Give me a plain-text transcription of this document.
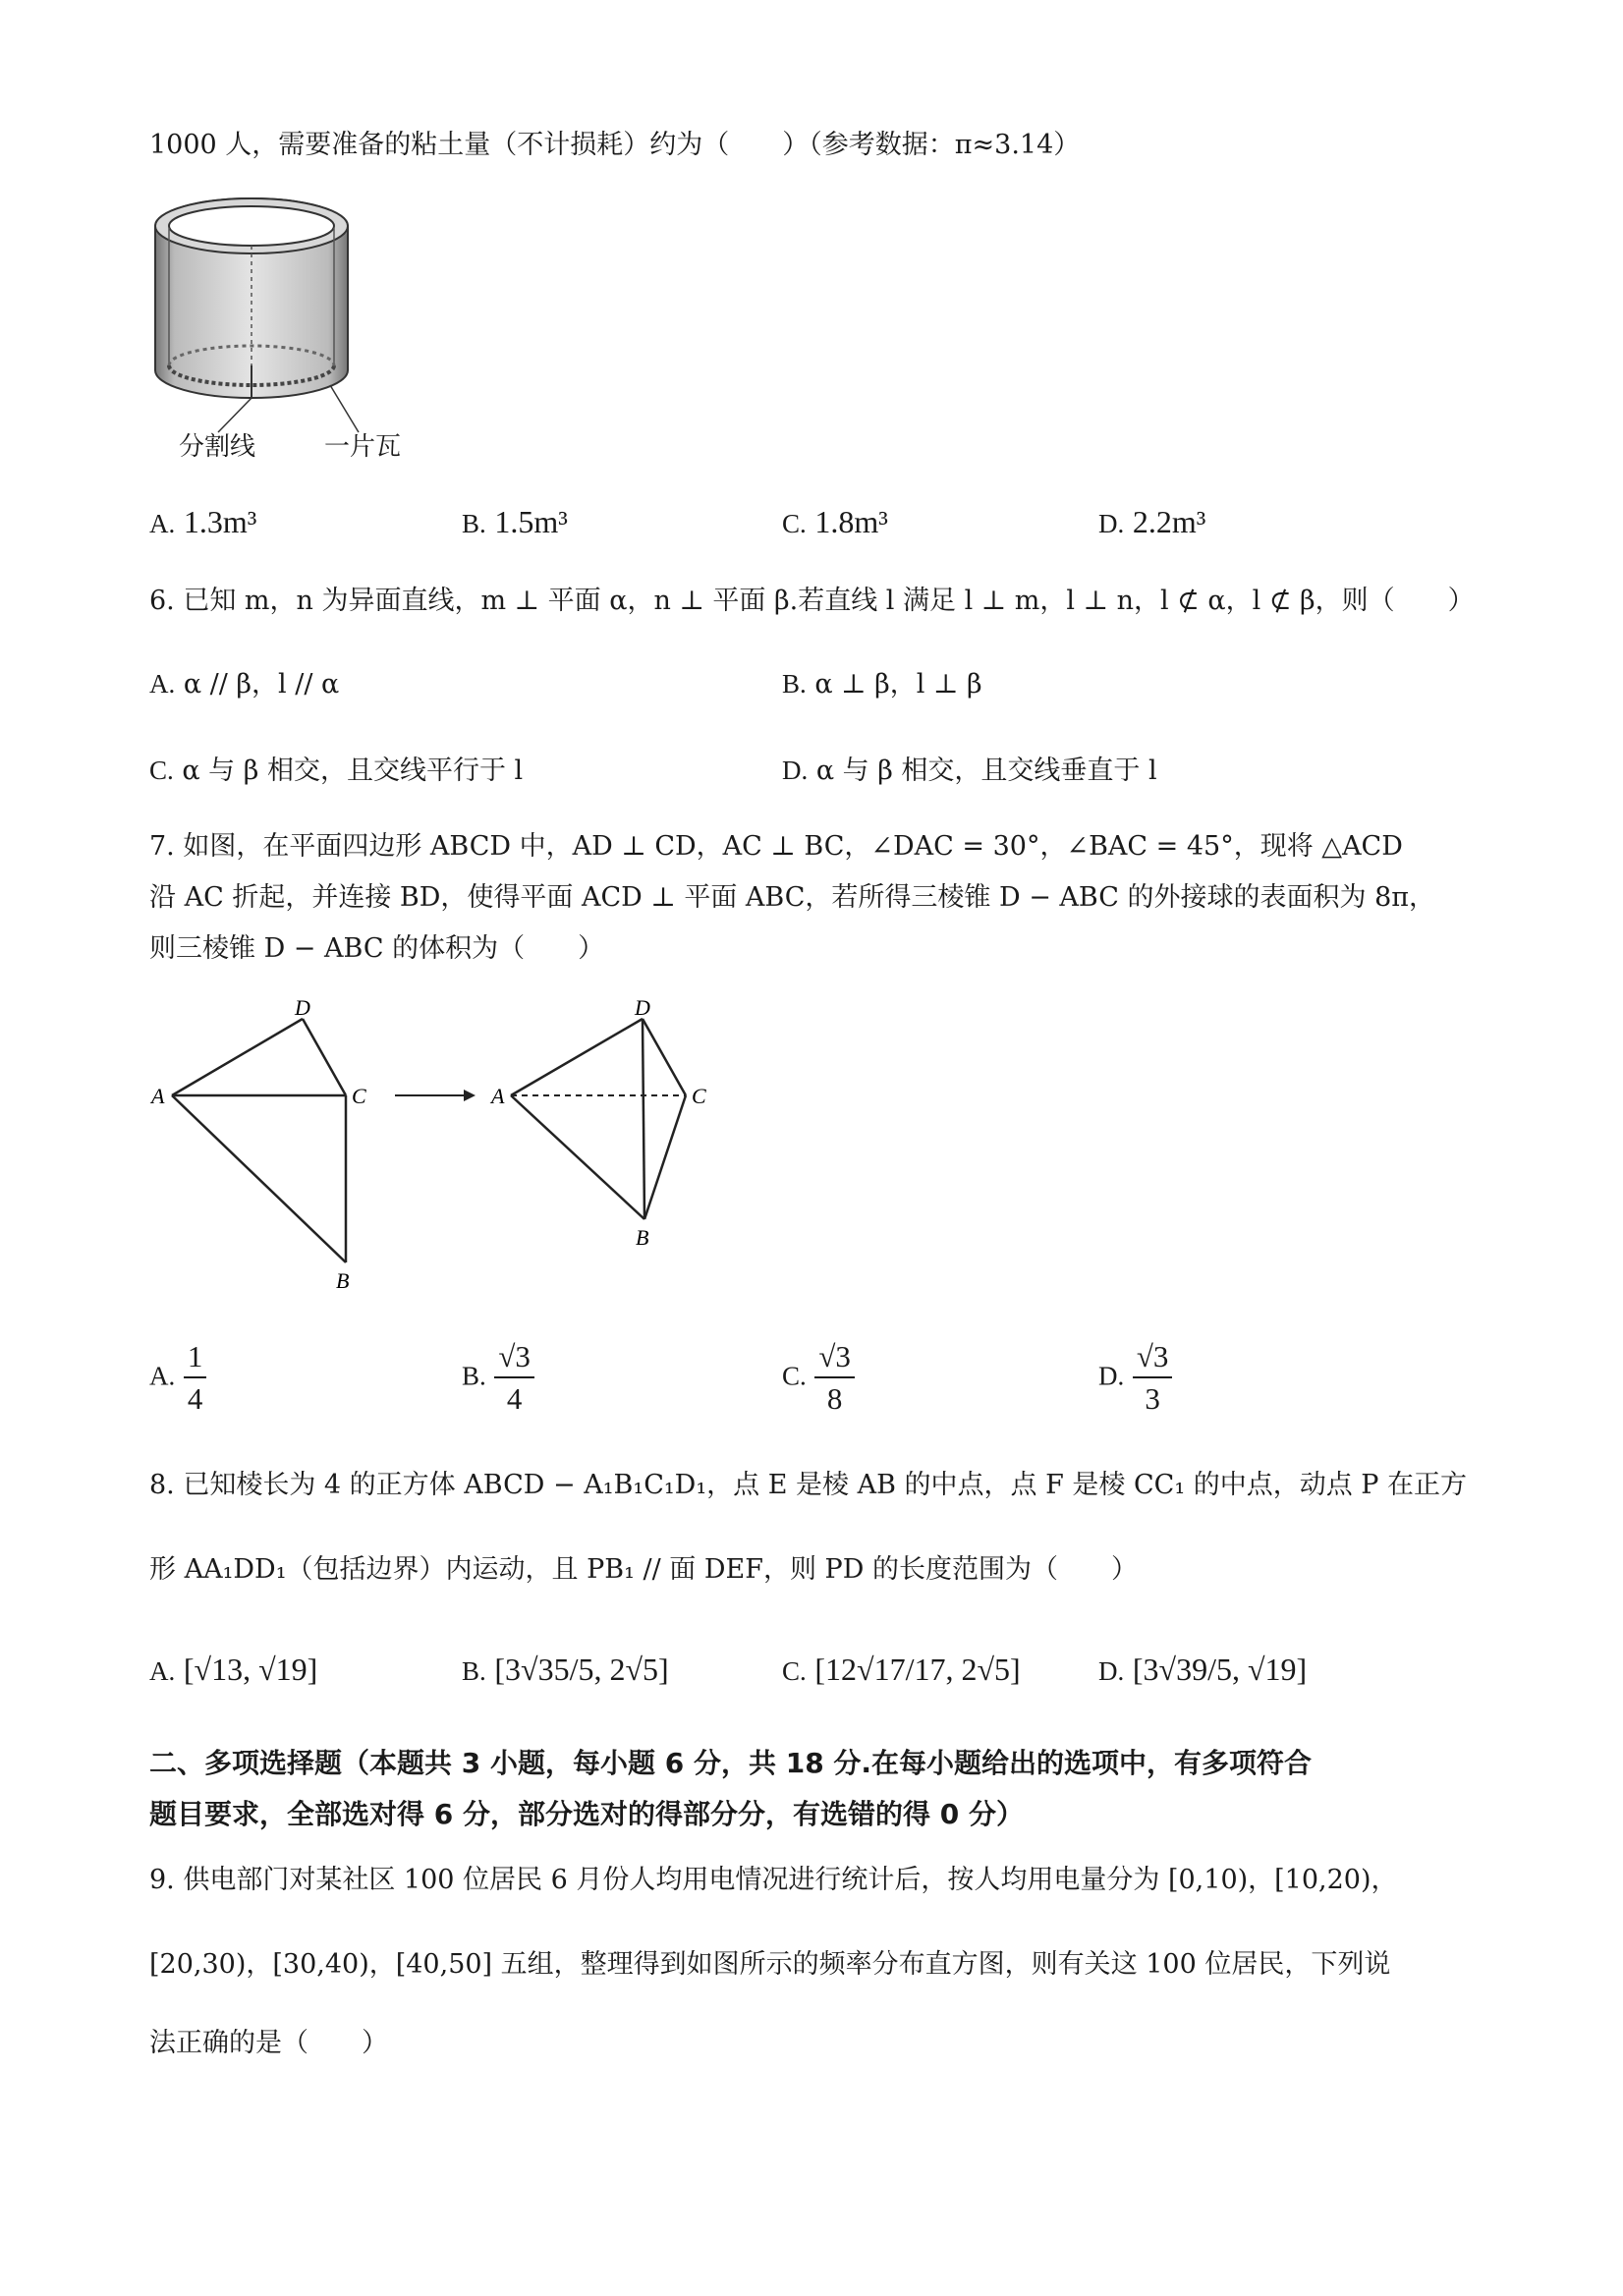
1000 人，需要准备的粘土量（不计损耗）约为（　　）（参考数据：π≈3.14）
分割线	一片瓦
A. 1.3m³	B. 1.5m³	C. 1.8m³	D. 2.2m³
6. 已知 m，n 为异面直线，m ⊥ 平面 α，n ⊥ 平面 β.若直线 l 满足 l ⊥ m，l ⊥ n，l ⊄ α，l ⊄ β，则（　　）
A. α // β，l // α	B. α ⊥ β，l ⊥ β
C. α 与 β 相交，且交线平行于 l	D. α 与 β 相交，且交线垂直于 l
7. 如图，在平面四边形 ABCD 中，AD ⊥ CD，AC ⊥ BC，∠DAC = 30°，∠BAC = 45°，现将 △ACD
沿 AC 折起，并连接 BD，使得平面 ACD ⊥ 平面 ABC，若所得三棱锥 D − ABC 的外接球的表面积为 8π，
则三棱锥 D − ABC 的体积为（　　）
D
A	C
B
D
A	C
B
A. $\frac{1}{4}$	B. $\frac{√3}{4}$	C. $\frac{√3}{8}$	D. $\frac{√3}{3}$
8. 已知棱长为 4 的正方体 ABCD − A₁B₁C₁D₁，点 E 是棱 AB 的中点，点 F 是棱 CC₁ 的中点，动点 P 在正方
形 AA₁DD₁（包括边界）内运动，且 PB₁ // 面 DEF，则 PD 的长度范围为（　　）
A. [√13, √19]	B. [3√35/5, 2√5]	C. [12√17/17, 2√5]	D. [3√39/5, √19]
二、多项选择题（本题共 3 小题，每小题 6 分，共 18 分.在每小题给出的选项中，有多项符合
题目要求，全部选对得 6 分，部分选对的得部分分，有选错的得 0 分）
9. 供电部门对某社区 100 位居民 6 月份人均用电情况进行统计后，按人均用电量分为 [0,10)，[10,20)，
[20,30)，[30,40)，[40,50] 五组，整理得到如图所示的频率分布直方图，则有关这 100 位居民，下列说
法正确的是（　　）
